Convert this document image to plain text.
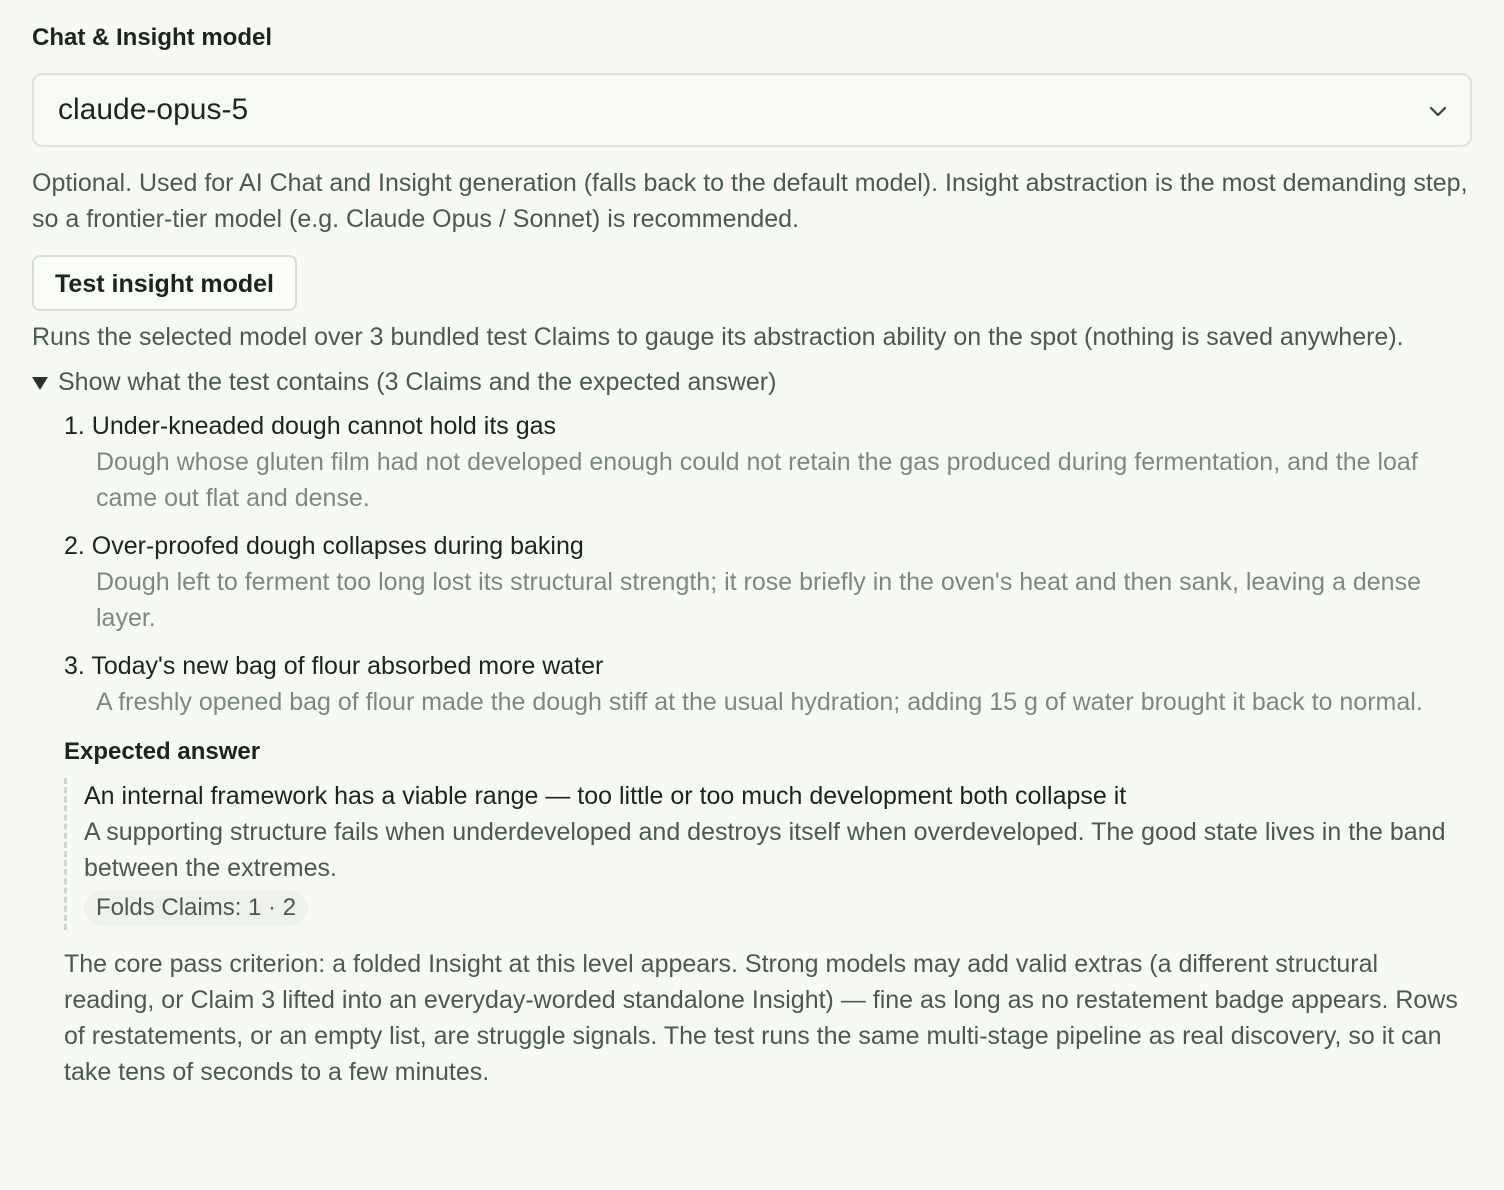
Chat & Insight model
claude-opus-5
Optional. Used for AI Chat and Insight generation (falls back to the default model). Insight abstraction is the most demanding step, so a frontier-tier model (e.g. Claude Opus / Sonnet) is recommended.
Test insight model
Runs the selected model over 3 bundled test Claims to gauge its abstraction ability on the spot (nothing is saved anywhere).
Show what the test contains (3 Claims and the expected answer)
1. Under-kneaded dough cannot hold its gas
Dough whose gluten film had not developed enough could not retain the gas produced during fermentation, and the loaf came out flat and dense.
2. Over-proofed dough collapses during baking
Dough left to ferment too long lost its structural strength; it rose briefly in the oven's heat and then sank, leaving a dense layer.
3. Today's new bag of flour absorbed more water
A freshly opened bag of flour made the dough stiff at the usual hydration; adding 15 g of water brought it back to normal.
Expected answer
An internal framework has a viable range — too little or too much development both collapse it
A supporting structure fails when underdeveloped and destroys itself when overdeveloped. The good state lives in the band between the extremes.
Folds Claims: 1 · 2
The core pass criterion: a folded Insight at this level appears. Strong models may add valid extras (a different structural reading, or Claim 3 lifted into an everyday-worded standalone Insight) — fine as long as no restatement badge appears. Rows of restatements, or an empty list, are struggle signals. The test runs the same multi-stage pipeline as real discovery, so it can take tens of seconds to a few minutes.
